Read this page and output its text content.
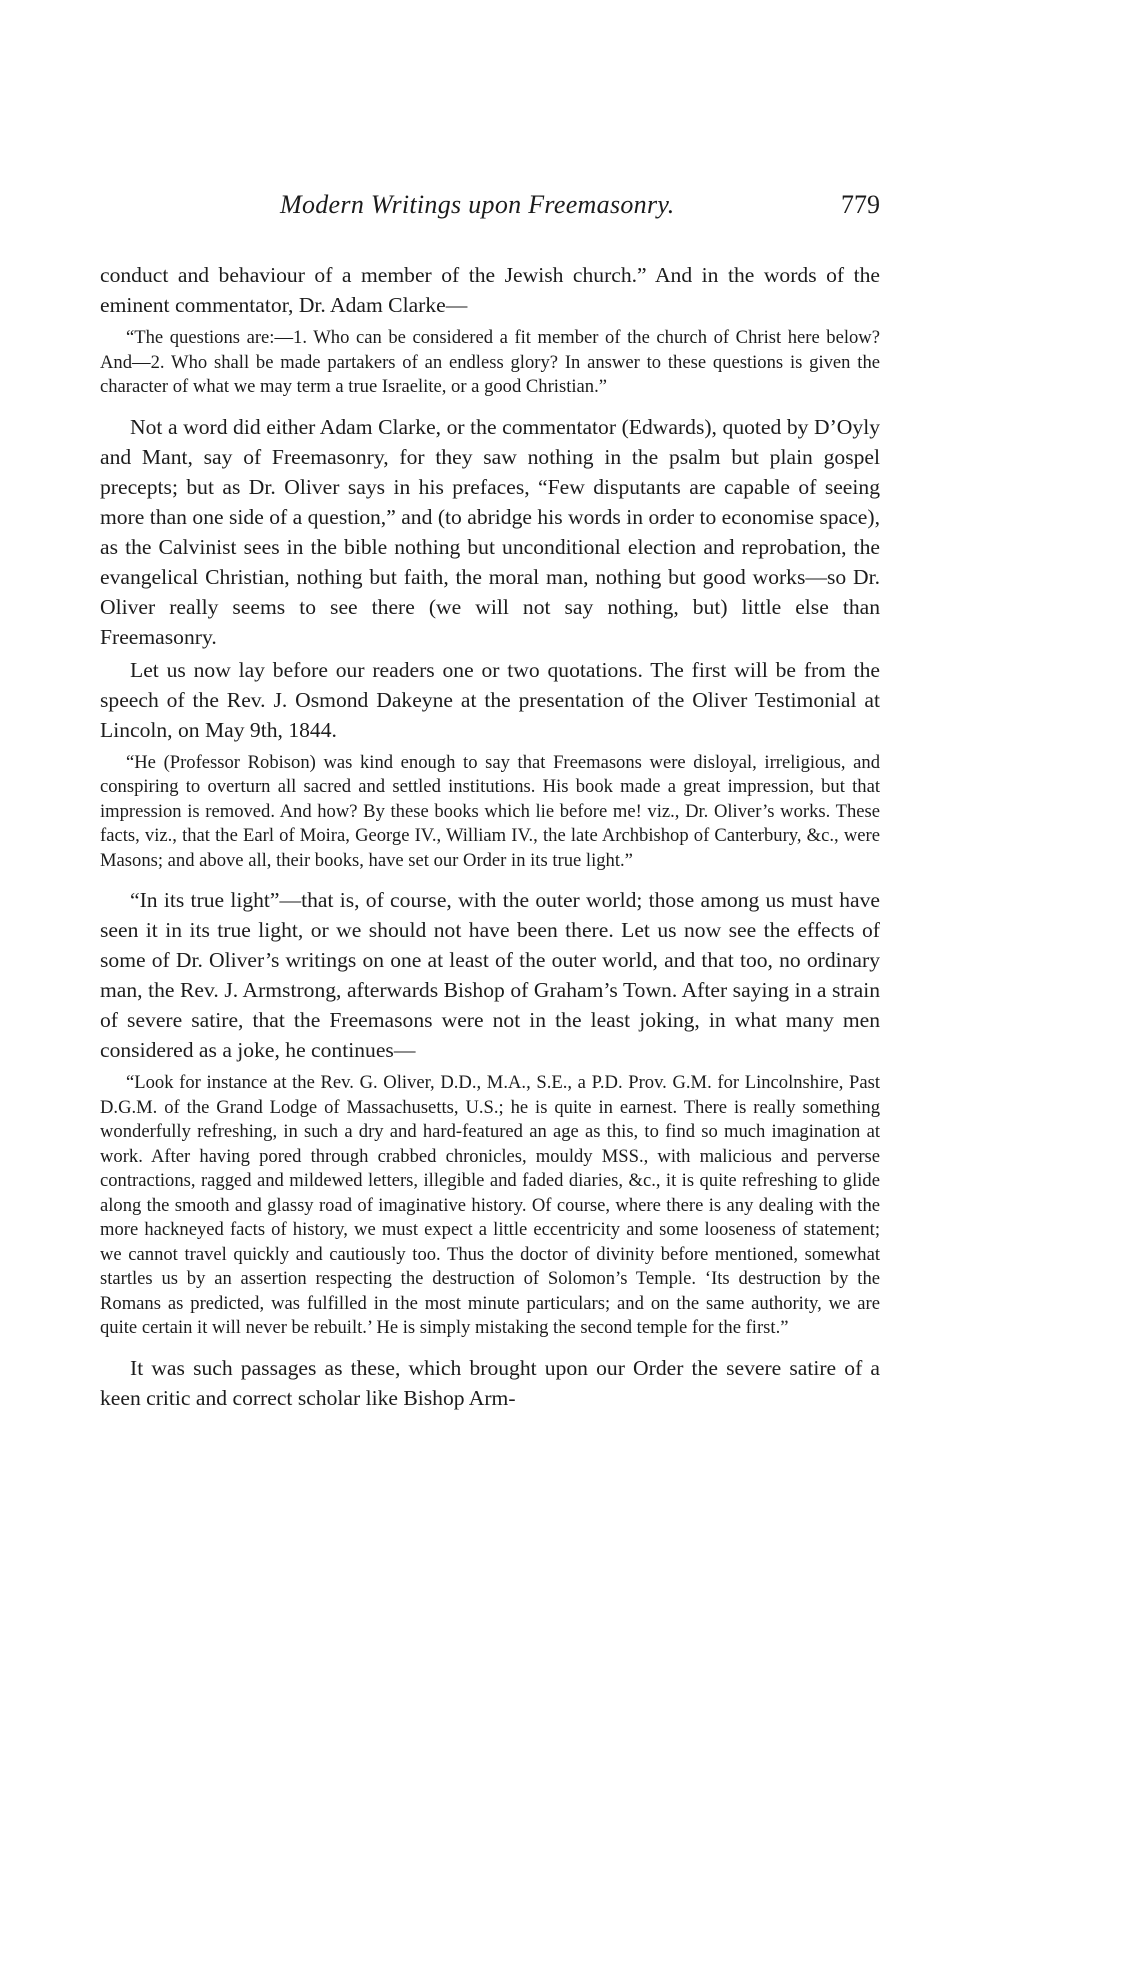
Modern Writings upon Freemasonry.	779

conduct and behaviour of a member of the Jewish church.” And in the words of the eminent commentator, Dr. Adam Clarke—

“The questions are:—1. Who can be considered a fit member of the church of Christ here below? And—2. Who shall be made partakers of an endless glory? In answer to these questions is given the character of what we may term a true Israelite, or a good Christian.”

Not a word did either Adam Clarke, or the commentator (Edwards), quoted by D’Oyly and Mant, say of Freemasonry, for they saw nothing in the psalm but plain gospel precepts; but as Dr. Oliver says in his prefaces, “Few disputants are capable of seeing more than one side of a question,” and (to abridge his words in order to economise space), as the Calvinist sees in the bible nothing but unconditional election and reprobation, the evangelical Christian, nothing but faith, the moral man, nothing but good works—so Dr. Oliver really seems to see there (we will not say nothing, but) little else than Freemasonry.

Let us now lay before our readers one or two quotations. The first will be from the speech of the Rev. J. Osmond Dakeyne at the presentation of the Oliver Testimonial at Lincoln, on May 9th, 1844.

“He (Professor Robison) was kind enough to say that Freemasons were disloyal, irreligious, and conspiring to overturn all sacred and settled institutions. His book made a great impression, but that impression is removed. And how? By these books which lie before me! viz., Dr. Oliver’s works. These facts, viz., that the Earl of Moira, George IV., William IV., the late Archbishop of Canterbury, &c., were Masons; and above all, their books, have set our Order in its true light.”

“In its true light”—that is, of course, with the outer world; those among us must have seen it in its true light, or we should not have been there. Let us now see the effects of some of Dr. Oliver’s writings on one at least of the outer world, and that too, no ordinary man, the Rev. J. Armstrong, afterwards Bishop of Graham’s Town. After saying in a strain of severe satire, that the Freemasons were not in the least joking, in what many men considered as a joke, he continues—

“Look for instance at the Rev. G. Oliver, D.D., M.A., S.E., a P.D. Prov. G.M. for Lincolnshire, Past D.G.M. of the Grand Lodge of Massachusetts, U.S.; he is quite in earnest. There is really something wonderfully refreshing, in such a dry and hard-featured an age as this, to find so much imagination at work. After having pored through crabbed chronicles, mouldy MSS., with malicious and perverse contractions, ragged and mildewed letters, illegible and faded diaries, &c., it is quite refreshing to glide along the smooth and glassy road of imaginative history. Of course, where there is any dealing with the more hackneyed facts of history, we must expect a little eccentricity and some looseness of statement; we cannot travel quickly and cautiously too. Thus the doctor of divinity before mentioned, somewhat startles us by an assertion respecting the destruction of Solomon’s Temple. ‘Its destruction by the Romans as predicted, was fulfilled in the most minute particulars; and on the same authority, we are quite certain it will never be rebuilt.’ He is simply mistaking the second temple for the first.”

It was such passages as these, which brought upon our Order the severe satire of a keen critic and correct scholar like Bishop Arm-
